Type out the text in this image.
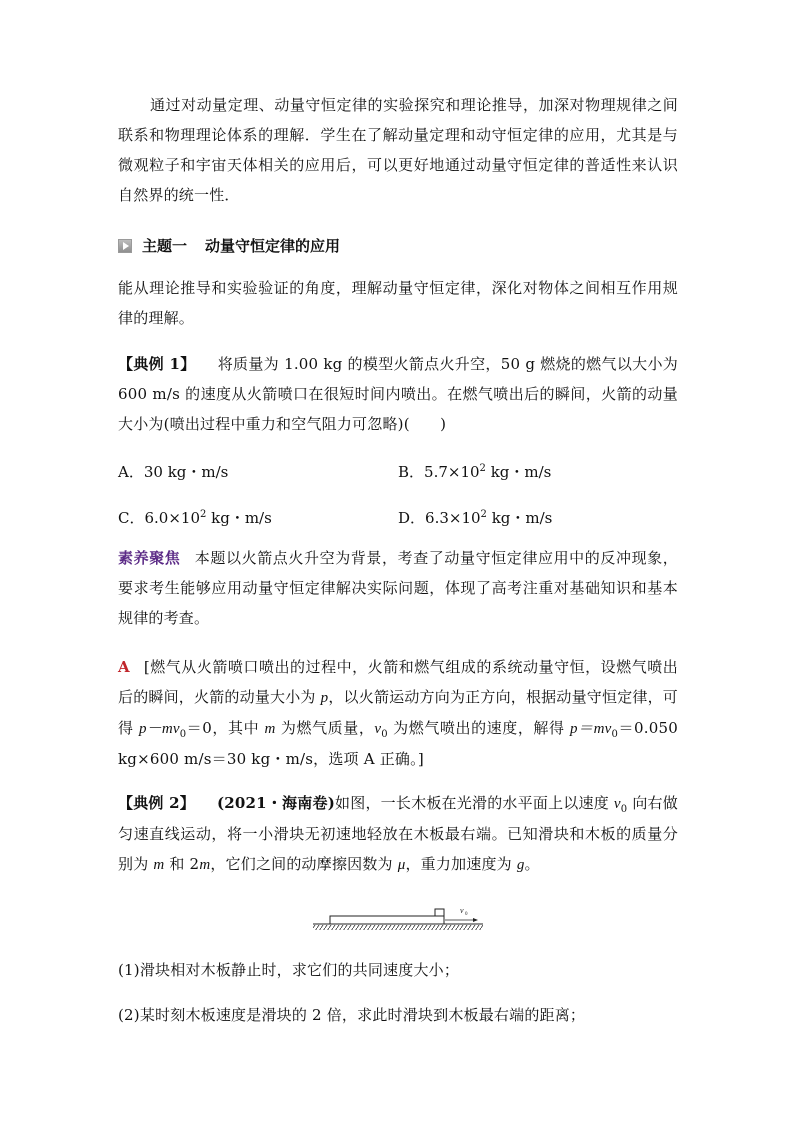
通过对动量定理、动量守恒定律的实验探究和理论推导，加深对物理规律之间联系和物理理论体系的理解．学生在了解动量定理和动守恒定律的应用，尤其是与微观粒子和宇宙天体相关的应用后，可以更好地通过动量守恒定律的普适性来认识自然界的统一性．
主题一 动量守恒定律的应用
能从理论推导和实验验证的角度，理解动量守恒定律，深化对物体之间相互作用规律的理解。
【典例 1】 将质量为 1.00 kg 的模型火箭点火升空，50 g 燃烧的燃气以大小为 600 m/s 的速度从火箭喷口在很短时间内喷出。在燃气喷出后的瞬间，火箭的动量大小为(喷出过程中重力和空气阻力可忽略)(　　)
A．30 kg・m/s	B．$5.7\times 10^2$ kg・m/s
C．$6.0\times 10^2$ kg・m/s	D．$6.3\times 10^2$ kg・m/s
素养聚焦 本题以火箭点火升空为背景，考查了动量守恒定律应用中的反冲现象，要求考生能够应用动量守恒定律解决实际问题，体现了高考注重对基础知识和基本规律的考查。
A [燃气从火箭喷口喷出的过程中，火箭和燃气组成的系统动量守恒，设燃气喷出后的瞬间，火箭的动量大小为 p，以火箭运动方向为正方向，根据动量守恒定律，可得 $p-mv_0=0$，其中 m 为燃气质量，$v_0$ 为燃气喷出的速度，解得 $p=mv_0=0.050$ kg×600 m/s＝30 kg・m/s，选项 A 正确。]
【典例 2】 (2021・海南卷)如图，一长木板在光滑的水平面上以速度 $v_0$ 向右做匀速直线运动，将一小滑块无初速地轻放在木板最右端。已知滑块和木板的质量分别为 m 和 2m，它们之间的动摩擦因数为 μ，重力加速度为 g。
v 0
(1)滑块相对木板静止时，求它们的共同速度大小；
(2)某时刻木板速度是滑块的 2 倍，求此时滑块到木板最右端的距离；
